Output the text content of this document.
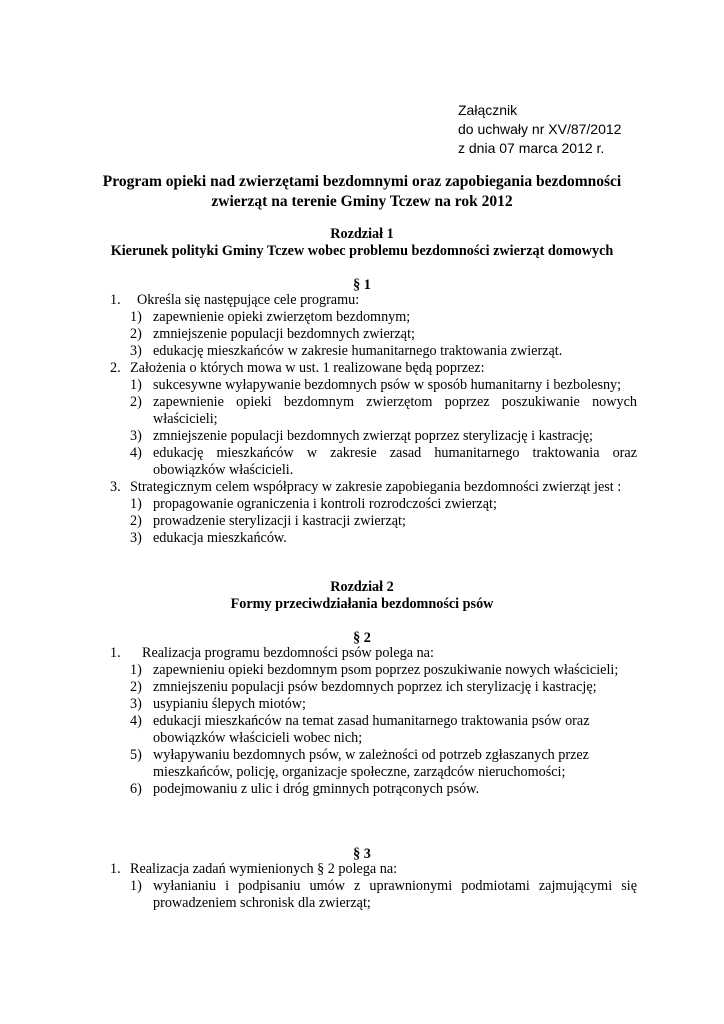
Załącznik
do uchwały nr XV/87/2012
z dnia 07 marca 2012 r.
Program opieki nad zwierzętami bezdomnymi oraz zapobiegania bezdomności
zwierząt na terenie Gminy Tczew na rok 2012
Rozdział 1
Kierunek polityki Gminy Tczew wobec problemu bezdomności zwierząt domowych
§ 1
1. Określa się następujące cele programu:
1) zapewnienie opieki zwierzętom bezdomnym;
2) zmniejszenie populacji bezdomnych zwierząt;
3) edukację mieszkańców w zakresie humanitarnego traktowania zwierząt.
2. Założenia o których mowa w ust. 1 realizowane będą poprzez:
1) sukcesywne wyłapywanie bezdomnych psów w sposób humanitarny i bezbolesny;
2) zapewnienie opieki bezdomnym zwierzętom poprzez poszukiwanie nowych
właścicieli;
3) zmniejszenie populacji bezdomnych zwierząt poprzez sterylizację i kastrację;
4) edukację mieszkańców w zakresie zasad humanitarnego traktowania oraz
obowiązków właścicieli.
3. Strategicznym celem współpracy w zakresie zapobiegania bezdomności zwierząt jest :
1) propagowanie ograniczenia i kontroli rozrodczości zwierząt;
2) prowadzenie sterylizacji i kastracji zwierząt;
3) edukacja mieszkańców.
Rozdział 2
Formy przeciwdziałania bezdomności psów
§ 2
1. Realizacja programu bezdomności psów polega na:
1) zapewnieniu opieki bezdomnym psom poprzez poszukiwanie nowych właścicieli;
2) zmniejszeniu populacji psów bezdomnych poprzez ich sterylizację i kastrację;
3) usypianiu ślepych miotów;
4) edukacji mieszkańców na temat zasad humanitarnego traktowania psów oraz
obowiązków właścicieli wobec nich;
5) wyłapywaniu bezdomnych psów, w zależności od potrzeb zgłaszanych przez
mieszkańców, policję, organizacje społeczne, zarządców nieruchomości;
6) podejmowaniu z ulic i dróg gminnych potrąconych psów.
§ 3
1. Realizacja zadań wymienionych § 2 polega na:
1) wyłanianiu i podpisaniu umów z uprawnionymi podmiotami zajmującymi się
prowadzeniem schronisk dla zwierząt;
